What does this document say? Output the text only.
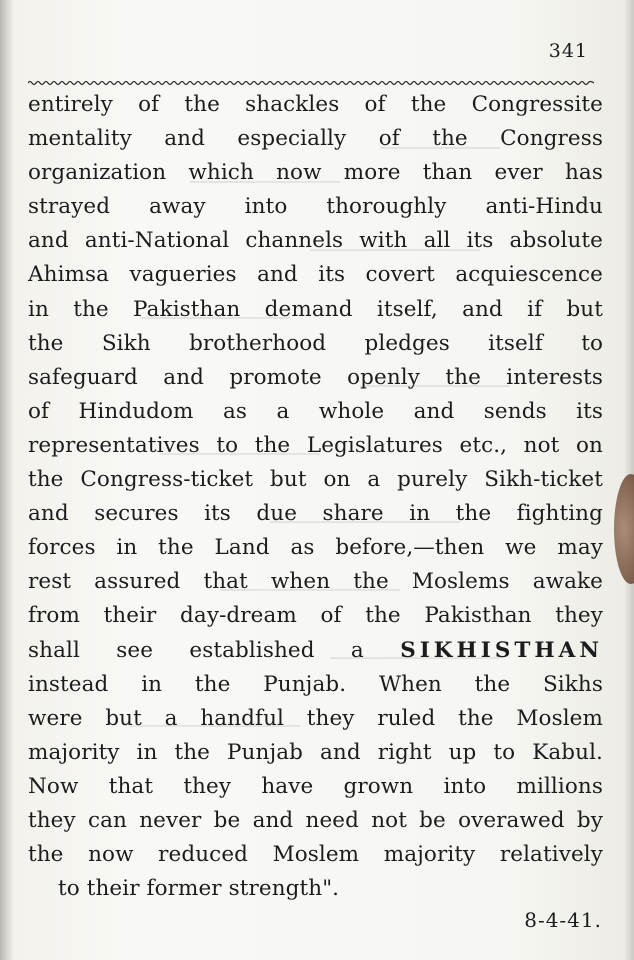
341
entirely of the shackles of the Congressite
mentality and especially of the Congress
organization which now more than ever has
strayed away into thoroughly anti-Hindu
and anti-National channels with all its absolute
Ahimsa vagueries and its covert acquiescence
in the Pakisthan demand itself, and if but
the Sikh brotherhood pledges itself to
safeguard and promote openly the interests
of Hindudom as a whole and sends its
representatives to the Legislatures etc., not on
the Congress-ticket but on a purely Sikh-ticket
and secures its due share in the fighting
forces in the Land as before,—then we may
rest assured that when the Moslems awake
from their day-dream of the Pakisthan they
shall see established a SIKHISTHAN
instead in the Punjab. When the Sikhs
were but a handful they ruled the Moslem
majority in the Punjab and right up to Kabul.
Now that they have grown into millions
they can never be and need not be overawed by
the now reduced Moslem majority relatively
to their former strength".
8-4-41.
